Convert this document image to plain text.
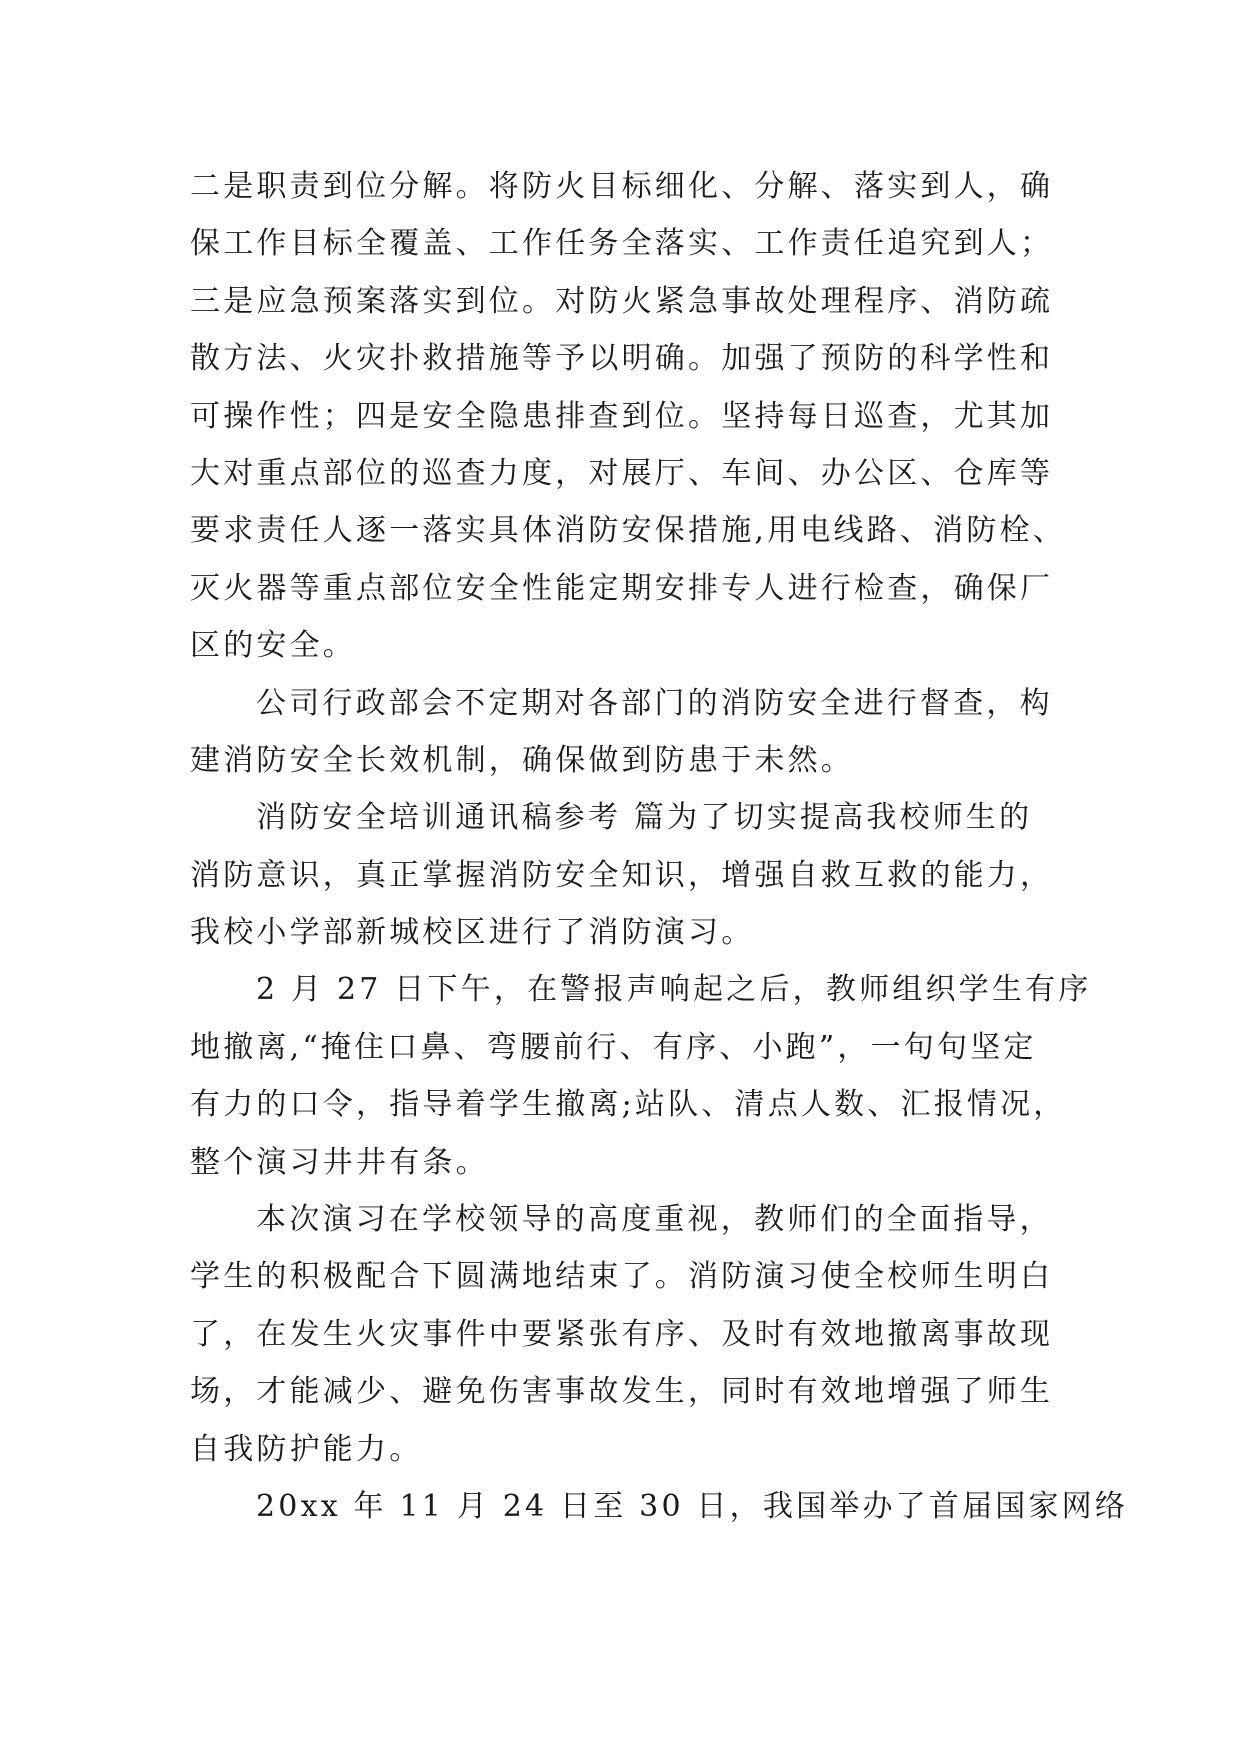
二是职责到位分解。将防火目标细化、分解、落实到人，确
保工作目标全覆盖、工作任务全落实、工作责任追究到人；
三是应急预案落实到位。对防火紧急事故处理程序、消防疏
散方法、火灾扑救措施等予以明确。加强了预防的科学性和
可操作性；四是安全隐患排查到位。坚持每日巡查，尤其加
大对重点部位的巡查力度，对展厅、车间、办公区、仓库等
要求责任人逐一落实具体消防安保措施,用电线路、消防栓、
灭火器等重点部位安全性能定期安排专人进行检查，确保厂
区的安全。
公司行政部会不定期对各部门的消防安全进行督查，构
建消防安全长效机制，确保做到防患于未然。
消防安全培训通讯稿参考 篇为了切实提高我校师生的
消防意识，真正掌握消防安全知识，增强自救互救的能力，
我校小学部新城校区进行了消防演习。
2 月 27 日下午，在警报声响起之后，教师组织学生有序
地撤离,“掩住口鼻、弯腰前行、有序、小跑”，一句句坚定
有力的口令，指导着学生撤离;站队、清点人数、汇报情况，
整个演习井井有条。
本次演习在学校领导的高度重视，教师们的全面指导，
学生的积极配合下圆满地结束了。消防演习使全校师生明白
了，在发生火灾事件中要紧张有序、及时有效地撤离事故现
场，才能减少、避免伤害事故发生，同时有效地增强了师生
自我防护能力。
20xx 年 11 月 24 日至 30 日，我国举办了首届国家网络
